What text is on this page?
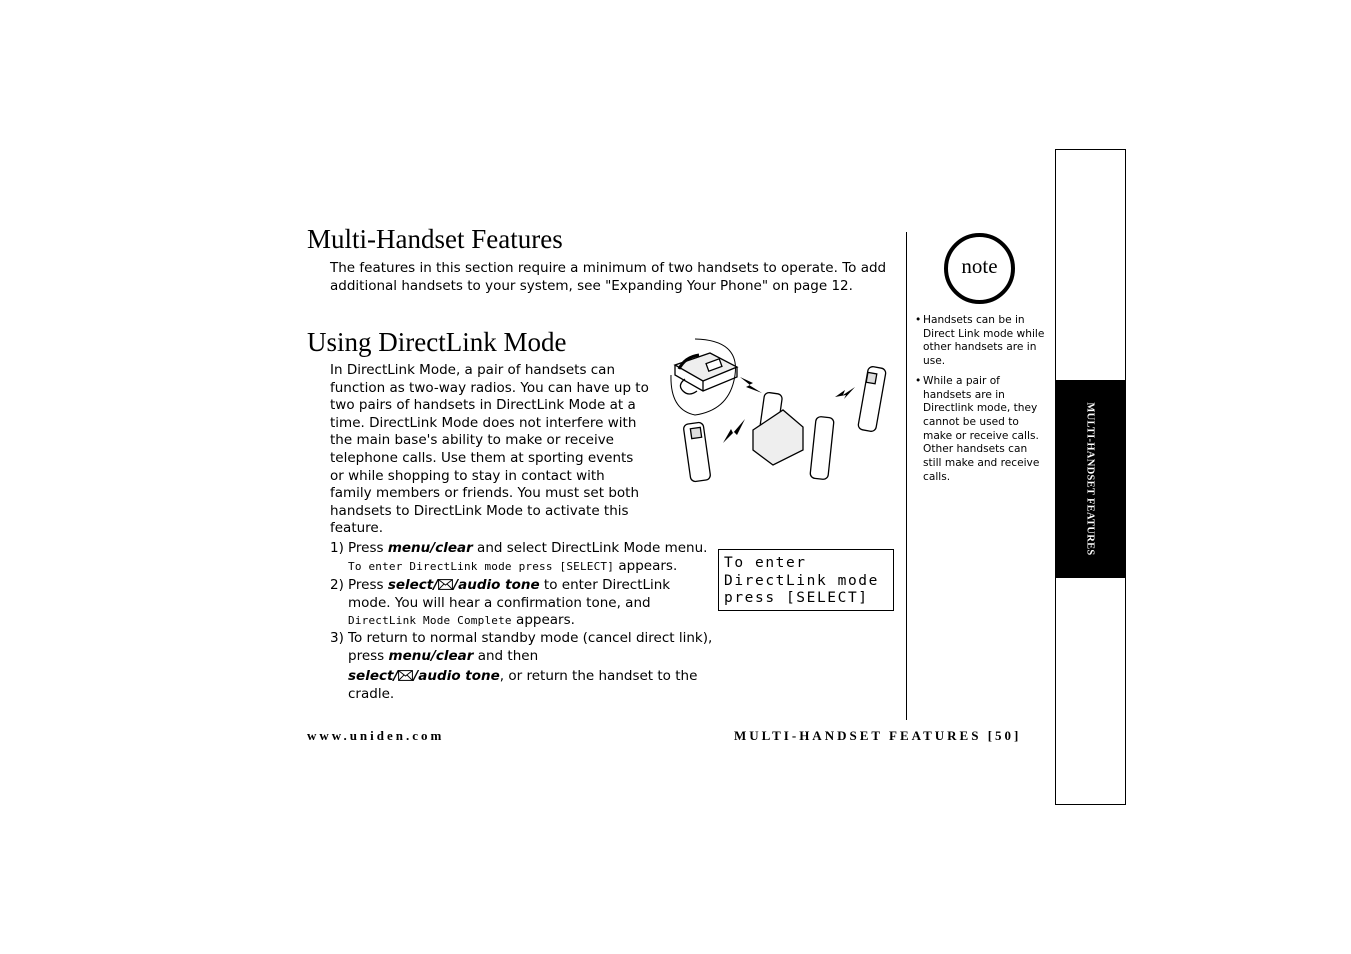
Multi-Handset Features
The features in this section require a minimum of two handsets to operate. To add additional handsets to your system, see "Expanding Your Phone" on page 12.
Using DirectLink Mode
In DirectLink Mode, a pair of handsets can function as two-way radios. You can have up to two pairs of handsets in DirectLink Mode at a time. DirectLink Mode does not interfere with the main base's ability to make or receive telephone calls. Use them at sporting events or while shopping to stay in contact with family members or friends. You must set both handsets to DirectLink Mode to activate this feature.
1) Press menu/clear and select DirectLink Mode menu.
To enter DirectLink mode press [SELECT] appears.
2) Press select/ /audio tone to enter DirectLink mode. You will hear a confirmation tone, and DirectLink Mode Complete appears.
3) To return to normal standby mode (cancel direct link), press menu/clear and then
select/ /audio tone, or return the handset to the cradle.
To enter
DirectLink mode
press [SELECT]
note
• Handsets can be in Direct Link mode while other handsets are in use.
• While a pair of handsets are in Directlink mode, they cannot be used to make or receive calls. Other handsets can still make and receive calls.	MULTI-HANDSET FEATURES
www.uniden.com	MULTI-HANDSET FEATURES [50]
